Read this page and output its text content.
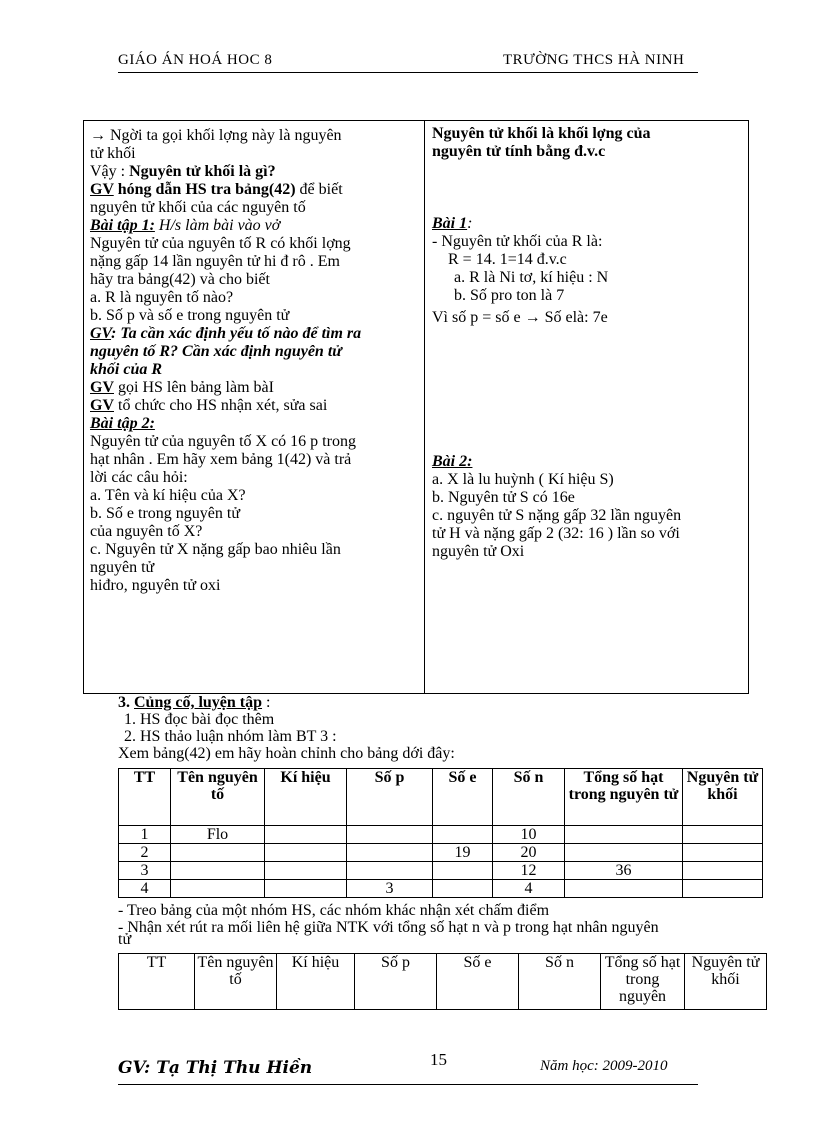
GIÁO ÁN HOÁ HOC 8	TRƯỜNG THCS HÀ NINH
→ Ngời ta gọi khối lợng này là nguyên
tử khối
Vậy : Nguyên tử khối là gì?
GV hóng dẫn HS tra bảng(42) để biết
nguyên tử khối của các nguyên tố
Bài tập 1: H/s làm bài vào vở
Nguyên tử của nguyên tố R có khối lợng
nặng gấp 14 lần nguyên tử hi đ rô . Em
hãy tra bảng(42) và cho biết
a. R là nguyên tố nào?
b. Số p và số e trong nguyên tử
GV: Ta cần xác định yếu tố nào để tìm ra
nguyên tố R? Cần xác định nguyên tử
khối của R
GV gọi HS lên bảng làm bàI
GV tổ chức cho HS nhận xét, sửa sai
Bài tập 2:
Nguyên tử của nguyên tố X có 16 p trong
hạt nhân . Em hãy xem bảng 1(42) và trả
lời các câu hỏi:
a. Tên và kí hiệu của X?
b. Số e trong nguyên tử
của nguyên tố X?
c. Nguyên tử X nặng gấp bao nhiêu lần
nguyên tử
hiđro, nguyên tử oxi
Nguyên tử khối là khối lợng của
nguyên tử tính bằng đ.v.c
Bài 1:
- Nguyên tử khối của R là:
R = 14. 1=14 đ.v.c
a. R là Ni tơ, kí hiệu : N
b. Số pro ton là 7
Vì số p = số e → Số elà: 7e
Bài 2:
a. X là lu huỳnh ( Kí hiệu S)
b. Nguyên tử S có 16e
c. nguyên tử S nặng gấp 32 lần nguyên
tử H và nặng gấp 2 (32: 16 ) lần so với
nguyên tử Oxi
3. Củng cố, luyện tập :
1. HS đọc bài đọc thêm
2. HS thảo luận nhóm làm BT 3 :
Xem bảng(42) em hãy hoàn chỉnh cho bảng dới đây:
TT	Tên nguyên tố	Kí hiệu	Số p	Số e	Số n	Tổng số hạt trong nguyên tử	Nguyên tử khối
1	Flo				10		
2				19	20		
3					12	36	
4			3		4		
- Treo bảng của một nhóm HS, các nhóm khác nhận xét chấm điểm
- Nhận xét rút ra mối liên hệ giữa NTK với tổng số hạt n và p trong hạt nhân nguyên
tử
TT	Tên nguyên tố	Kí hiệu	Số p	Số e	Số n	Tổng số hạt trong nguyên	Nguyên tử khối
GV: Tạ Thị Thu Hiền	15	Năm học: 2009-2010
